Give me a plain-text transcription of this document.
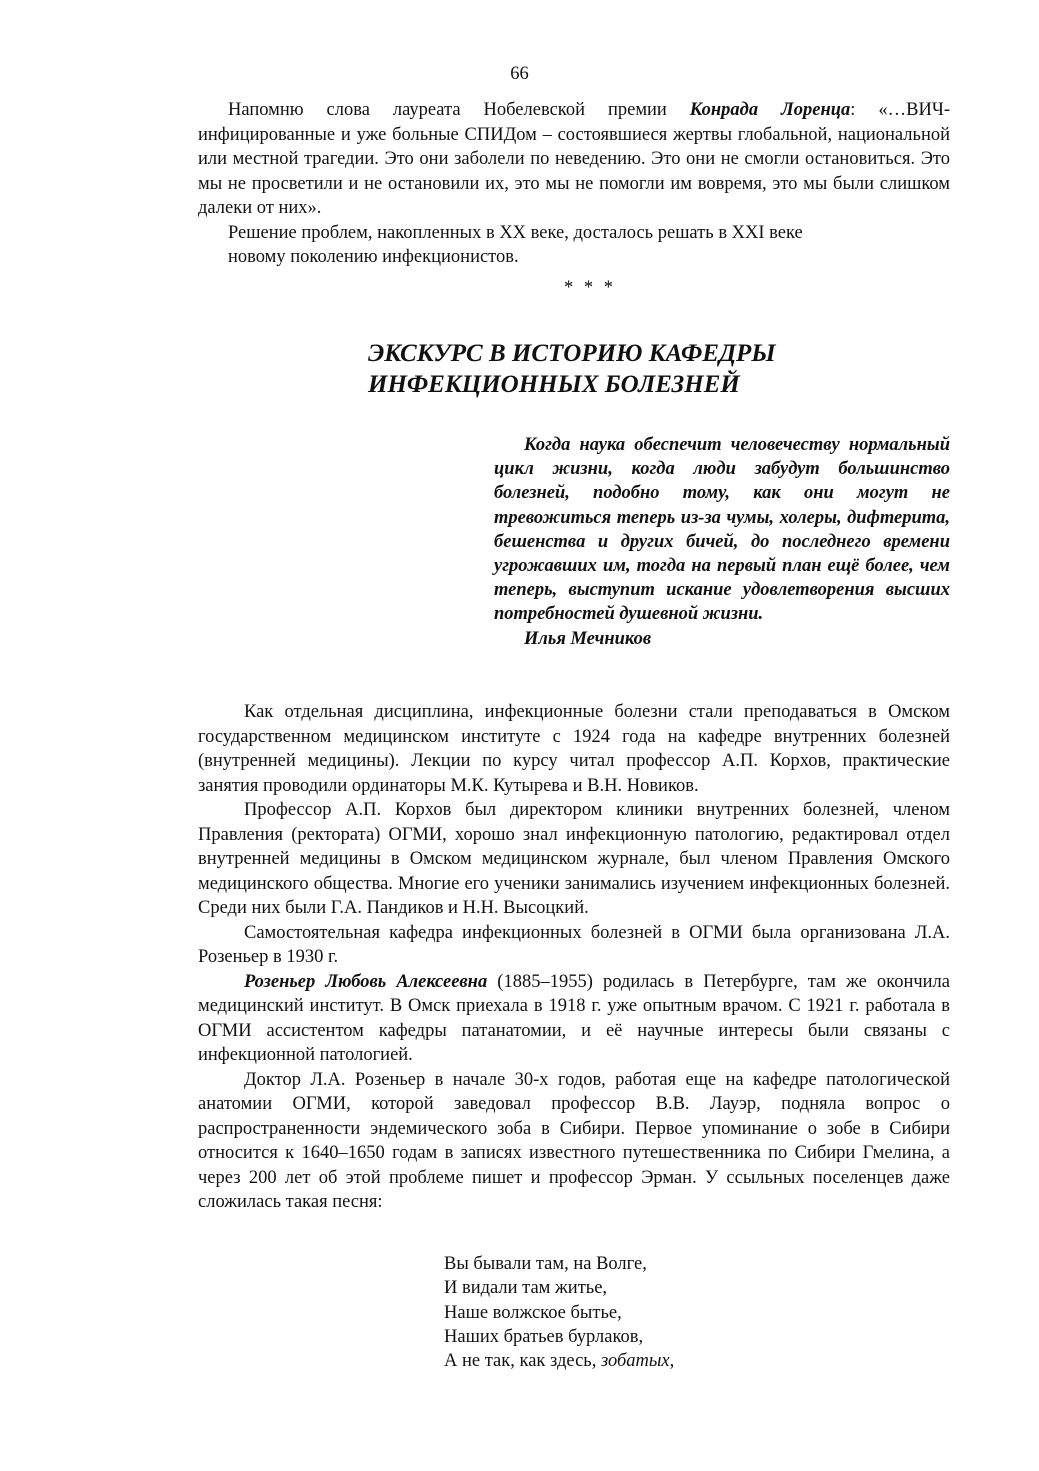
66

Напомню слова лауреата Нобелевской премии Конрада Лоренца: «…ВИЧ-инфицированные и уже больные СПИДом – состоявшиеся жертвы глобальной, национальной или местной трагедии. Это они заболели по неведению. Это они не смогли остановиться. Это мы не просветили и не остановили их, это мы не помогли им вовремя, это мы были слишком далеки от них».

Решение проблем, накопленных в XX веке, досталось решать в XXI веке

новому поколению инфекционистов.

* * *
ЭКСКУРС В ИСТОРИЮ КАФЕДРЫ
ИНФЕКЦИОННЫХ БОЛЕЗНЕЙ

Когда наука обеспечит человечеству нормальный цикл жизни, когда люди забудут большинство болезней, подобно тому, как они могут не тревожиться теперь из-за чумы, холеры, дифтерита, бешенства и других бичей, до последнего времени угрожавших им, тогда на первый план ещё более, чем теперь, выступит искание удовлетворения высших потребностей душевной жизни.

Илья Мечников

Как отдельная дисциплина, инфекционные болезни стали преподаваться в Омском государственном медицинском институте с 1924 года на кафедре внутренних болезней (внутренней медицины). Лекции по курсу читал профессор А.П. Корхов, практические занятия проводили ординаторы М.К. Кутырева и В.Н. Новиков.

Профессор А.П. Корхов был директором клиники внутренних болезней, членом Правления (ректората) ОГМИ, хорошо знал инфекционную патологию, редактировал отдел внутренней медицины в Омском медицинском журнале, был членом Правления Омского медицинского общества. Многие его ученики занимались изучением инфекционных болезней. Среди них были Г.А. Пандиков и Н.Н. Высоцкий.

Самостоятельная кафедра инфекционных болезней в ОГМИ была организована Л.А. Розеньер в 1930 г.

Розеньер Любовь Алексеевна (1885–1955) родилась в Петербурге, там же окончила медицинский институт. В Омск приехала в 1918 г. уже опытным врачом. С 1921 г. работала в ОГМИ ассистентом кафедры патанатомии, и её научные интересы были связаны с инфекционной патологией.

Доктор Л.А. Розеньер в начале 30-х годов, работая еще на кафедре патологической анатомии ОГМИ, которой заведовал профессор В.В. Лауэр, подняла вопрос о распространенности эндемического зоба в Сибири. Первое упоминание о зобе в Сибири относится к 1640–1650 годам в записях известного путешественника по Сибири Гмелина, а через 200 лет об этой проблеме пишет и профессор Эрман. У ссыльных поселенцев даже сложилась такая песня:

Вы бывали там, на Волге,
И видали там житье,
Наше волжское бытье,
Наших братьев бурлаков,
А не так, как здесь, зобатых,
